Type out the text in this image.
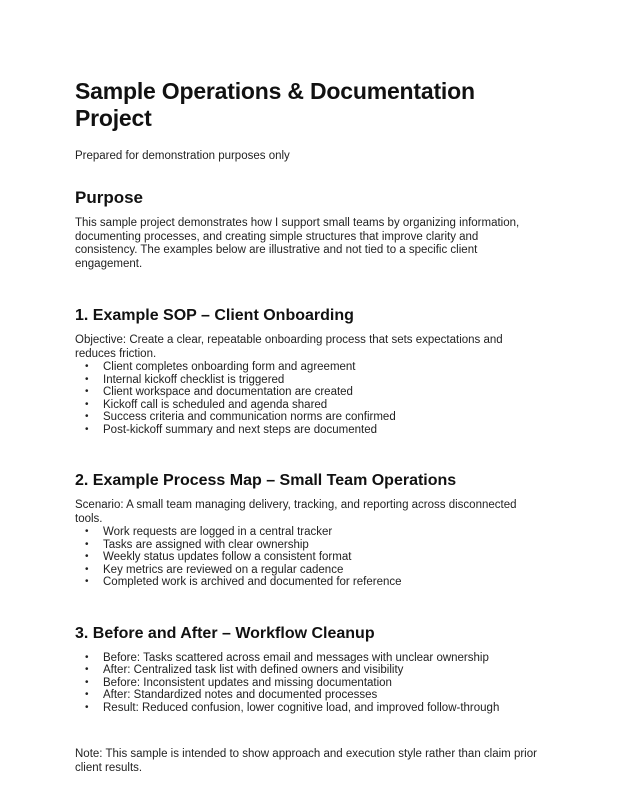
Sample Operations & Documentation Project

Prepared for demonstration purposes only

Purpose

This sample project demonstrates how I support small teams by organizing information, documenting processes, and creating simple structures that improve clarity and consistency. The examples below are illustrative and not tied to a specific client engagement.

1. Example SOP – Client Onboarding

Objective: Create a clear, repeatable onboarding process that sets expectations and reduces friction.

• Client completes onboarding form and agreement
• Internal kickoff checklist is triggered
• Client workspace and documentation are created
• Kickoff call is scheduled and agenda shared
• Success criteria and communication norms are confirmed
• Post-kickoff summary and next steps are documented
2. Example Process Map – Small Team Operations

Scenario: A small team managing delivery, tracking, and reporting across disconnected tools.

• Work requests are logged in a central tracker
• Tasks are assigned with clear ownership
• Weekly status updates follow a consistent format
• Key metrics are reviewed on a regular cadence
• Completed work is archived and documented for reference
3. Before and After – Workflow Cleanup
• Before: Tasks scattered across email and messages with unclear ownership
• After: Centralized task list with defined owners and visibility
• Before: Inconsistent updates and missing documentation
• After: Standardized notes and documented processes
• Result: Reduced confusion, lower cognitive load, and improved follow-through

Note: This sample is intended to show approach and execution style rather than claim prior client results.
